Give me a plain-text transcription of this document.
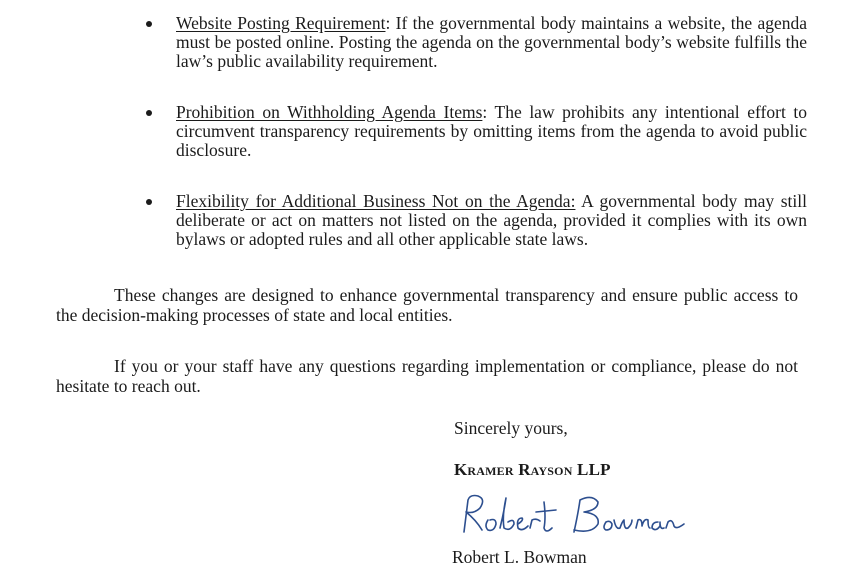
Website Posting Requirement: If the governmental body maintains a website, the agenda must be posted online. Posting the agenda on the governmental body’s website fulfills the law’s public availability requirement.
Prohibition on Withholding Agenda Items: The law prohibits any intentional effort to circumvent transparency requirements by omitting items from the agenda to avoid public disclosure.
Flexibility for Additional Business Not on the Agenda: A governmental body may still deliberate or act on matters not listed on the agenda, provided it complies with its own bylaws or adopted rules and all other applicable state laws.

These changes are designed to enhance governmental transparency and ensure public access to the decision-making processes of state and local entities.

If you or your staff have any questions regarding implementation or compliance, please do not hesitate to reach out.

Sincerely yours,
Kramer Rayson LLP
Robert L. Bowman
